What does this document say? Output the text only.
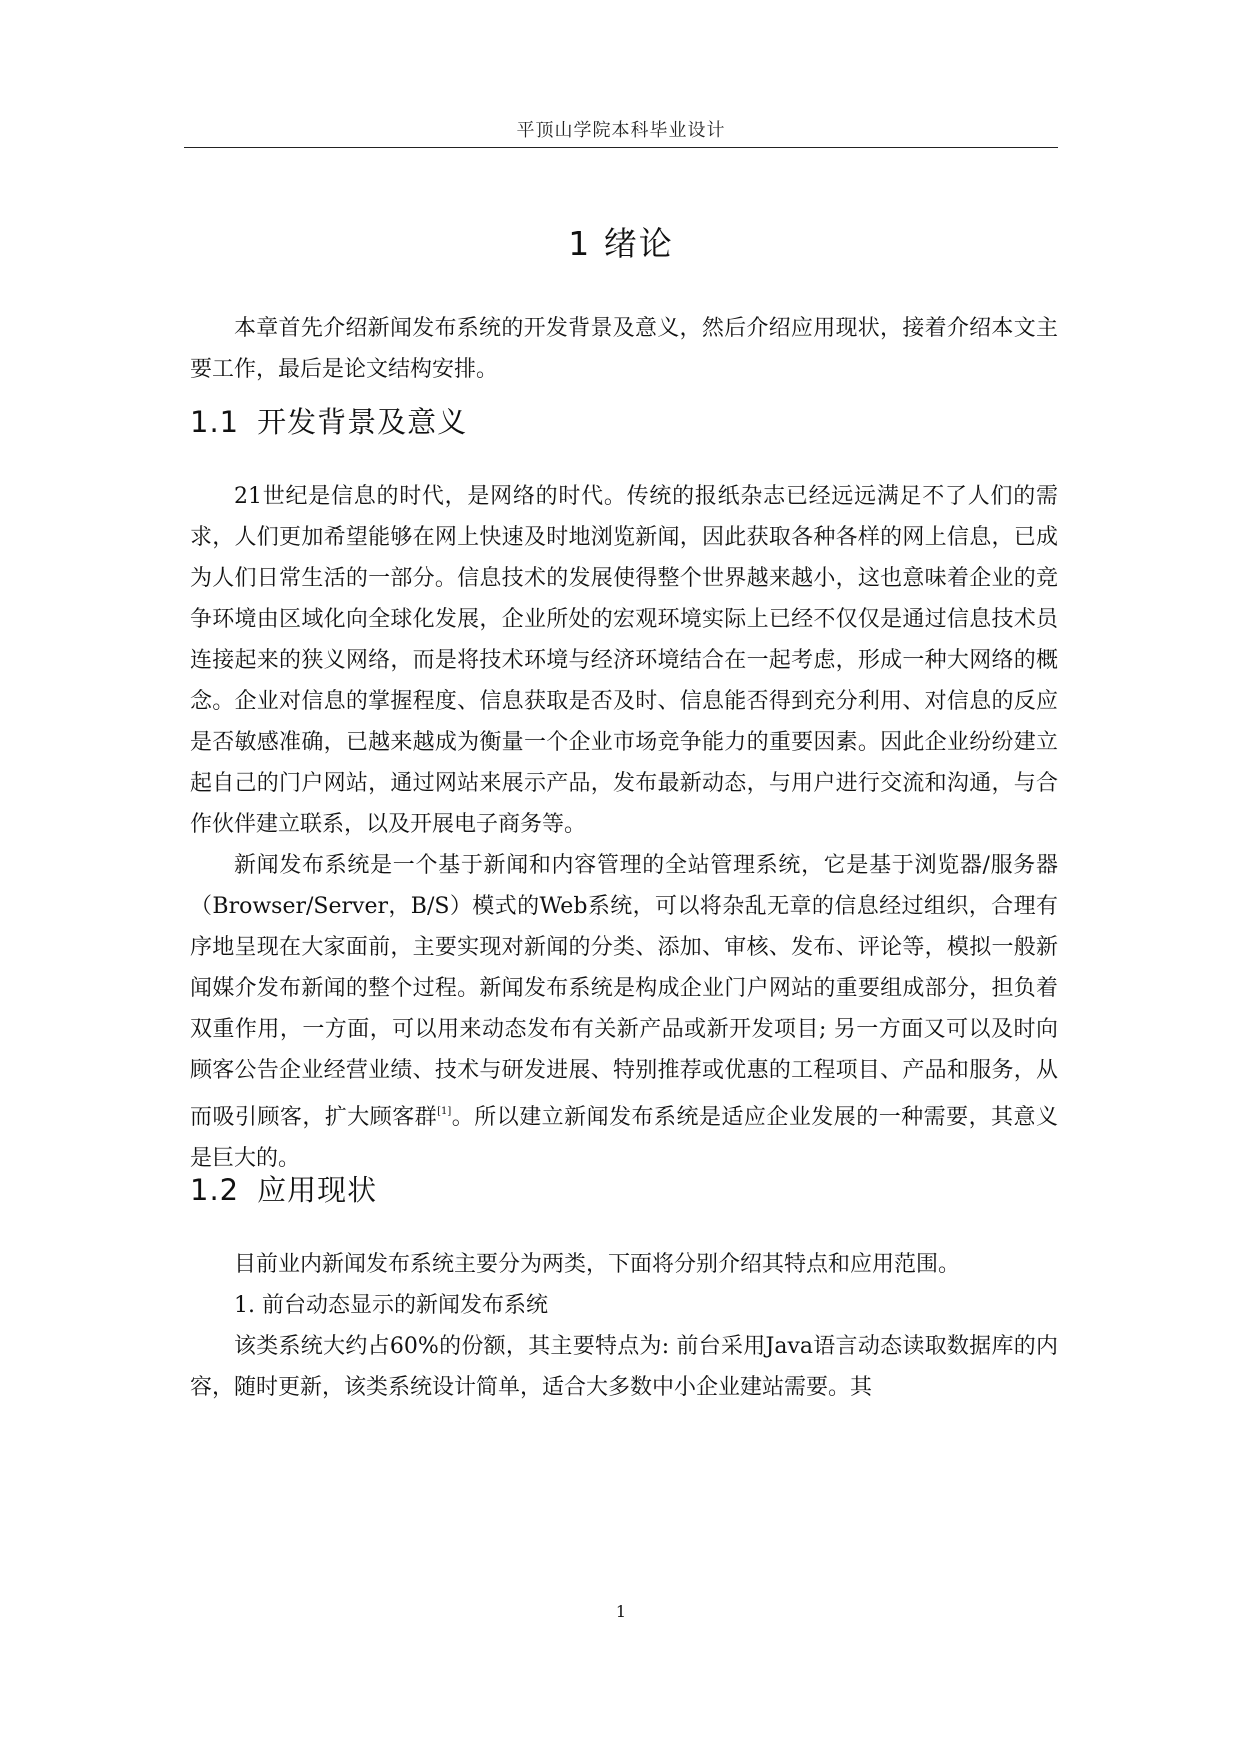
平顶山学院本科毕业设计
1 绪论

本章首先介绍新闻发布系统的开发背景及意义，然后介绍应用现状，接着介绍本文主要工作，最后是论文结构安排。

1.1 开发背景及意义

21世纪是信息的时代，是网络的时代。传统的报纸杂志已经远远满足不了人们的需求，人们更加希望能够在网上快速及时地浏览新闻，因此获取各种各样的网上信息，已成为人们日常生活的一部分。信息技术的发展使得整个世界越来越小，这也意味着企业的竞争环境由区域化向全球化发展，企业所处的宏观环境实际上已经不仅仅是通过信息技术员连接起来的狭义网络，而是将技术环境与经济环境结合在一起考虑，形成一种大网络的概念。企业对信息的掌握程度、信息获取是否及时、信息能否得到充分利用、对信息的反应是否敏感准确，已越来越成为衡量一个企业市场竞争能力的重要因素。因此企业纷纷建立起自己的门户网站，通过网站来展示产品，发布最新动态，与用户进行交流和沟通，与合作伙伴建立联系，以及开展电子商务等。

新闻发布系统是一个基于新闻和内容管理的全站管理系统，它是基于浏览器/服务器（Browser/Server，B/S）模式的Web系统，可以将杂乱无章的信息经过组织，合理有序地呈现在大家面前，主要实现对新闻的分类、添加、审核、发布、评论等，模拟一般新闻媒介发布新闻的整个过程。新闻发布系统是构成企业门户网站的重要组成部分，担负着双重作用，一方面，可以用来动态发布有关新产品或新开发项目; 另一方面又可以及时向顾客公告企业经营业绩、技术与研发进展、特别推荐或优惠的工程项目、产品和服务，从而吸引顾客，扩大顾客群[1]。所以建立新闻发布系统是适应企业发展的一种需要，其意义是巨大的。

1.2 应用现状

目前业内新闻发布系统主要分为两类，下面将分别介绍其特点和应用范围。

1. 前台动态显示的新闻发布系统

该类系统大约占60%的份额，其主要特点为: 前台采用Java语言动态读取数据库的内容，随时更新，该类系统设计简单，适合大多数中小企业建站需要。其

1
